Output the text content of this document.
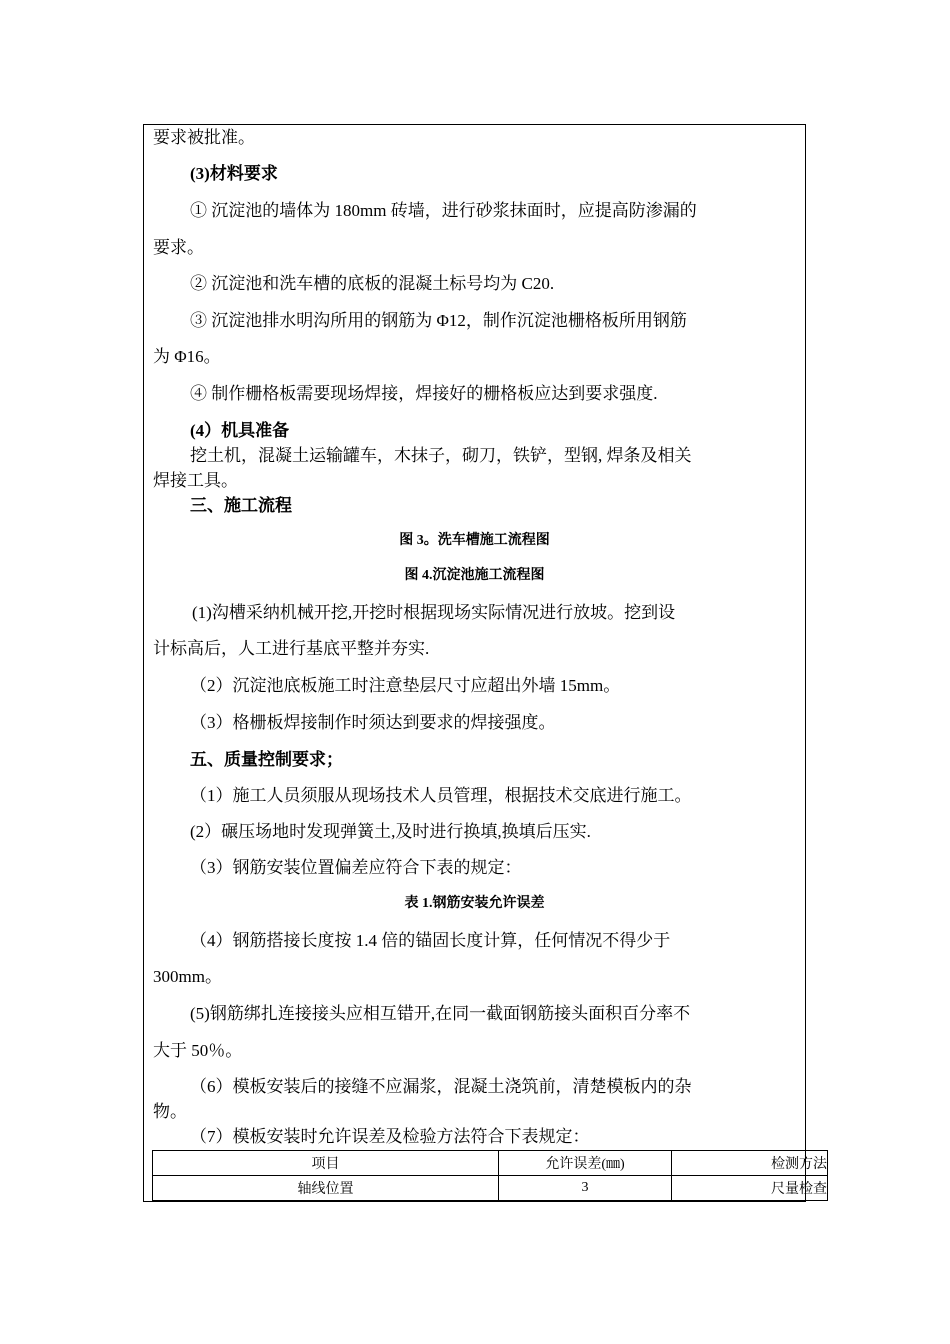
要求被批准。
(3)材料要求
① 沉淀池的墙体为 180mm 砖墙，进行砂浆抹面时，应提高防渗漏的
要求。
② 沉淀池和洗车槽的底板的混凝土标号均为 C20.
③ 沉淀池排水明沟所用的钢筋为 Φ12，制作沉淀池栅格板所用钢筋
为 Φ16。
④ 制作栅格板需要现场焊接，焊接好的栅格板应达到要求强度.
(4）机具准备
挖土机，混凝土运输罐车，木抹子，砌刀，铁铲，型钢, 焊条及相关
焊接工具。
三、施工流程
图 3。洗车槽施工流程图
图 4.沉淀池施工流程图
(1)沟槽采纳机械开挖,开挖时根据现场实际情况进行放坡。挖到设
计标高后，人工进行基底平整并夯实.
（2）沉淀池底板施工时注意垫层尺寸应超出外墙 15mm。
（3）格栅板焊接制作时须达到要求的焊接强度。
五、质量控制要求；
（1）施工人员须服从现场技术人员管理，根据技术交底进行施工。
(2）碾压场地时发现弹簧土,及时进行换填,换填后压实.
（3）钢筋安装位置偏差应符合下表的规定：
表 1.钢筋安装允许误差
（4）钢筋搭接长度按 1.4 倍的锚固长度计算，任何情况不得少于
300mm。
(5)钢筋绑扎连接接头应相互错开,在同一截面钢筋接头面积百分率不
大于 50％。
（6）模板安装后的接缝不应漏浆，混凝土浇筑前，清楚模板内的杂
物。
（7）模板安装时允许误差及检验方法符合下表规定：
项目	允许误差(㎜)	检测方法
轴线位置	3	尺量检查
